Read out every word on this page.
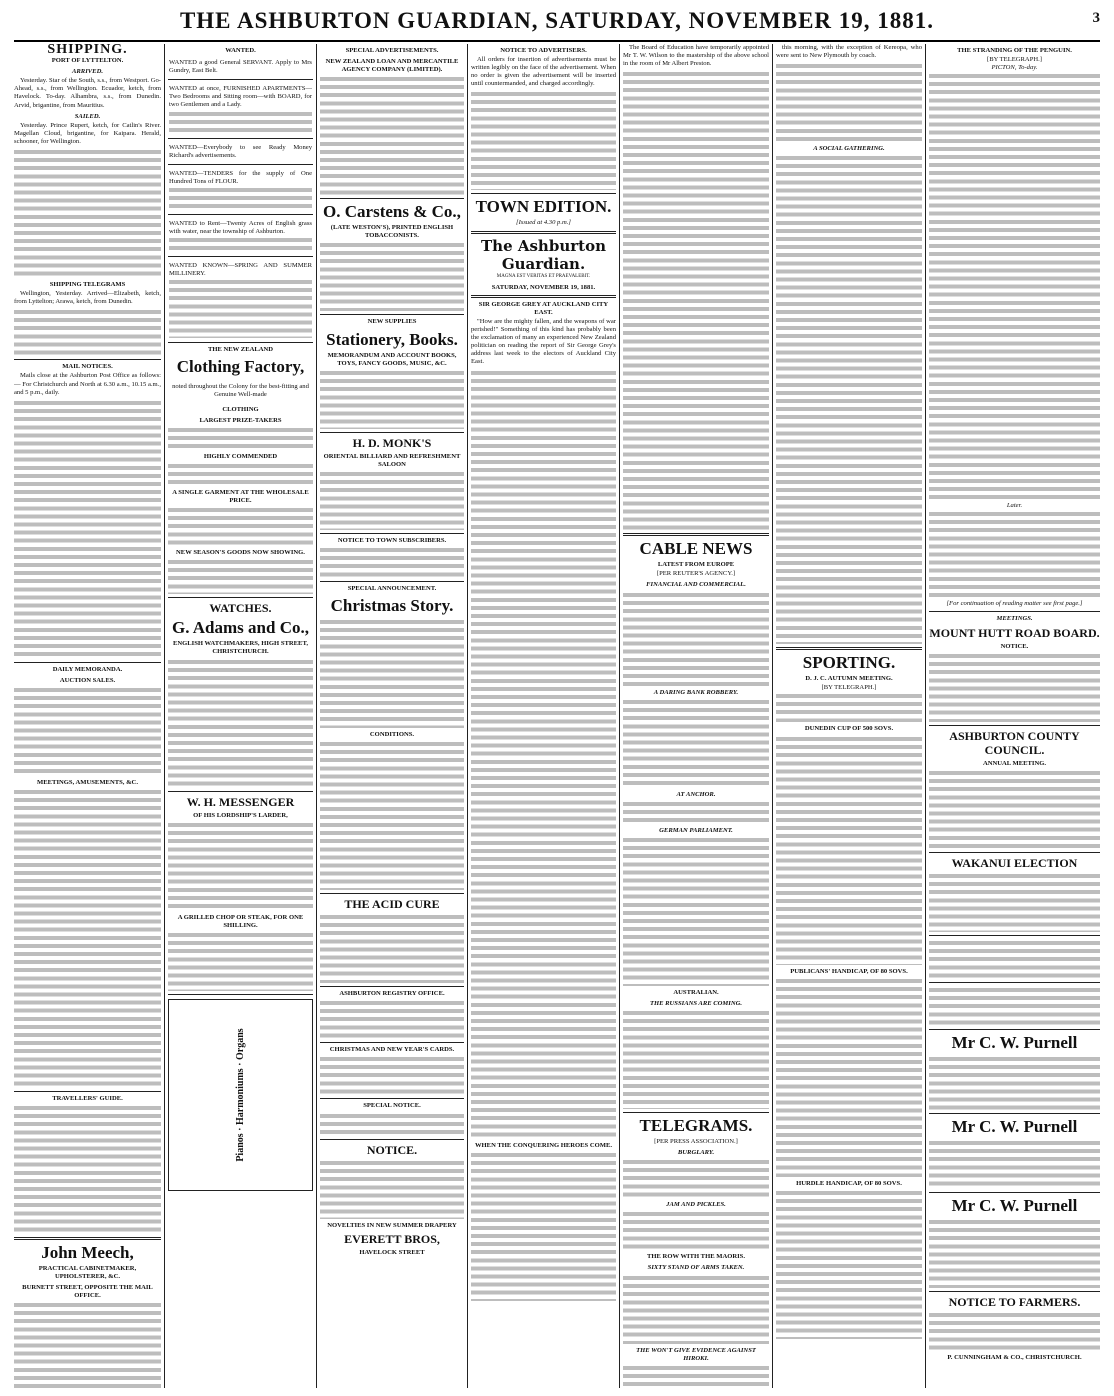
THE ASHBURTON GUARDIAN, SATURDAY, NOVEMBER 19, 1881.	3
SHIPPING.
PORT OF LYTTELTON.
ARRIVED.

Yesterday. Star of the South, s.s., from Westport. Go-Ahead, s.s., from Wellington. Ecuador, ketch, from Havelock. To-day. Alhambra, s.s., from Dunedin. Arvid, brigantine, from Mauritius.

SAILED.

Yesterday. Prince Rupert, ketch, for Catlin's River. Magellan Cloud, brigantine, for Kaipara. Herald, schooner, for Wellington.

SHIPPING TELEGRAMS

Wellington, Yesterday. Arrived—Elizabeth, ketch, from Lyttelton; Arawa, ketch, from Dunedin.

MAIL NOTICES.

Mails close at the Ashburton Post Office as follows:— For Christchurch and North at 6.30 a.m., 10.15 a.m., and 5 p.m., daily.

DAILY MEMORANDA.
AUCTION SALES.
MEETINGS, AMUSEMENTS, &C.
TRAVELLERS' GUIDE.
John Meech,
PRACTICAL CABINETMAKER, UPHOLSTERER, &C.
BURNETT STREET, OPPOSITE THE MAIL OFFICE.
WANTED.

WANTED a good General SERVANT. Apply to Mrs Gundry, East Belt.

WANTED at once, FURNISHED APARTMENTS—Two Bedrooms and Sitting room—with BOARD, for two Gentlemen and a Lady.

WANTED—Everybody to see Ready Money Richard's advertisements.

WANTED—TENDERS for the supply of One Hundred Tons of FLOUR.

WANTED to Rent—Twenty Acres of English grass with water, near the township of Ashburton.

WANTED KNOWN—SPRING AND SUMMER MILLINERY.

THE NEW ZEALAND
Clothing Factory,

noted throughout the Colony for the best-fitting and Genuine Well-made

CLOTHING
LARGEST PRIZE-TAKERS
HIGHLY COMMENDED
A SINGLE GARMENT AT THE WHOLESALE PRICE.
NEW SEASON'S GOODS NOW SHOWING.
WATCHES.
G. Adams and Co.,
ENGLISH WATCHMAKERS, HIGH STREET, CHRISTCHURCH.
W. H. MESSENGER
OF HIS LORDSHIP'S LARDER,
A GRILLED CHOP OR STEAK, FOR ONE SHILLING.
Pianos · Harmoniums · Organs
SPECIAL ADVERTISEMENTS.
NEW ZEALAND LOAN AND MERCANTILE AGENCY COMPANY (LIMITED).
O. Carstens & Co.,
(LATE WESTON'S), PRINTED ENGLISH TOBACCONISTS.
NEW SUPPLIES
Stationery, Books.
MEMORANDUM AND ACCOUNT BOOKS, TOYS, FANCY GOODS, MUSIC, &C.
H. D. MONK'S
ORIENTAL BILLIARD AND REFRESHMENT SALOON
NOTICE TO TOWN SUBSCRIBERS.
SPECIAL ANNOUNCEMENT.
Christmas Story.
CONDITIONS.
THE ACID CURE
ASHBURTON REGISTRY OFFICE.
CHRISTMAS AND NEW YEAR'S CARDS.
SPECIAL NOTICE.
NOTICE.
NOVELTIES IN NEW SUMMER DRAPERY
EVERETT BROS,
HAVELOCK STREET
NOTICE TO ADVERTISERS.

All orders for insertion of advertisements must be written legibly on the face of the advertisement. When no order is given the advertisement will be inserted until countermanded, and charged accordingly.

TOWN EDITION.
[Issued at 4.30 p.m.]
The Ashburton Guardian.
MAGNA EST VERITAS ET PRAEVALEBIT.
SATURDAY, NOVEMBER 19, 1881.
SIR GEORGE GREY AT AUCKLAND CITY EAST.

"How are the mighty fallen, and the weapons of war perished!" Something of this kind has probably been the exclamation of many an experienced New Zealand politician on reading the report of Sir George Grey's address last week to the electors of Auckland City East.

WHEN THE CONQUERING HEROES COME.

The Board of Education have temporarily appointed Mr T. W. Wilson to the mastership of the above school in the room of Mr Albert Preston.

CABLE NEWS
LATEST FROM EUROPE
[PER REUTER'S AGENCY.]
FINANCIAL AND COMMERCIAL.
A DARING BANK ROBBERY.
AT ANCHOR.
GERMAN PARLIAMENT.
AUSTRALIAN.
THE RUSSIANS ARE COMING.
TELEGRAMS.
[PER PRESS ASSOCIATION.]
BURGLARY.
JAM AND PICKLES.
THE ROW WITH THE MAORIS.
SIXTY STAND OF ARMS TAKEN.
THE WON'T GIVE EVIDENCE AGAINST HIROKI.

this morning, with the exception of Kereopa, who were sent to New Plymouth by coach.

A SOCIAL GATHERING.
SPORTING.
D. J. C. AUTUMN MEETING.
[BY TELEGRAPH.]
DUNEDIN CUP OF 500 SOVS.
PUBLICANS' HANDICAP, OF 80 SOVS.
HURDLE HANDICAP, OF 80 SOVS.
THE STRANDING OF THE PENGUIN.
[BY TELEGRAPH.]
PICTON, To-day.
Later.
[For continuation of reading matter see first page.]
MEETINGS.
MOUNT HUTT ROAD BOARD.
NOTICE.
ASHBURTON COUNTY COUNCIL.
ANNUAL MEETING.
WAKANUI ELECTION
Mr C. W. Purnell
Mr C. W. Purnell
Mr C. W. Purnell
NOTICE TO FARMERS.
P. CUNNINGHAM & CO., CHRISTCHURCH.
